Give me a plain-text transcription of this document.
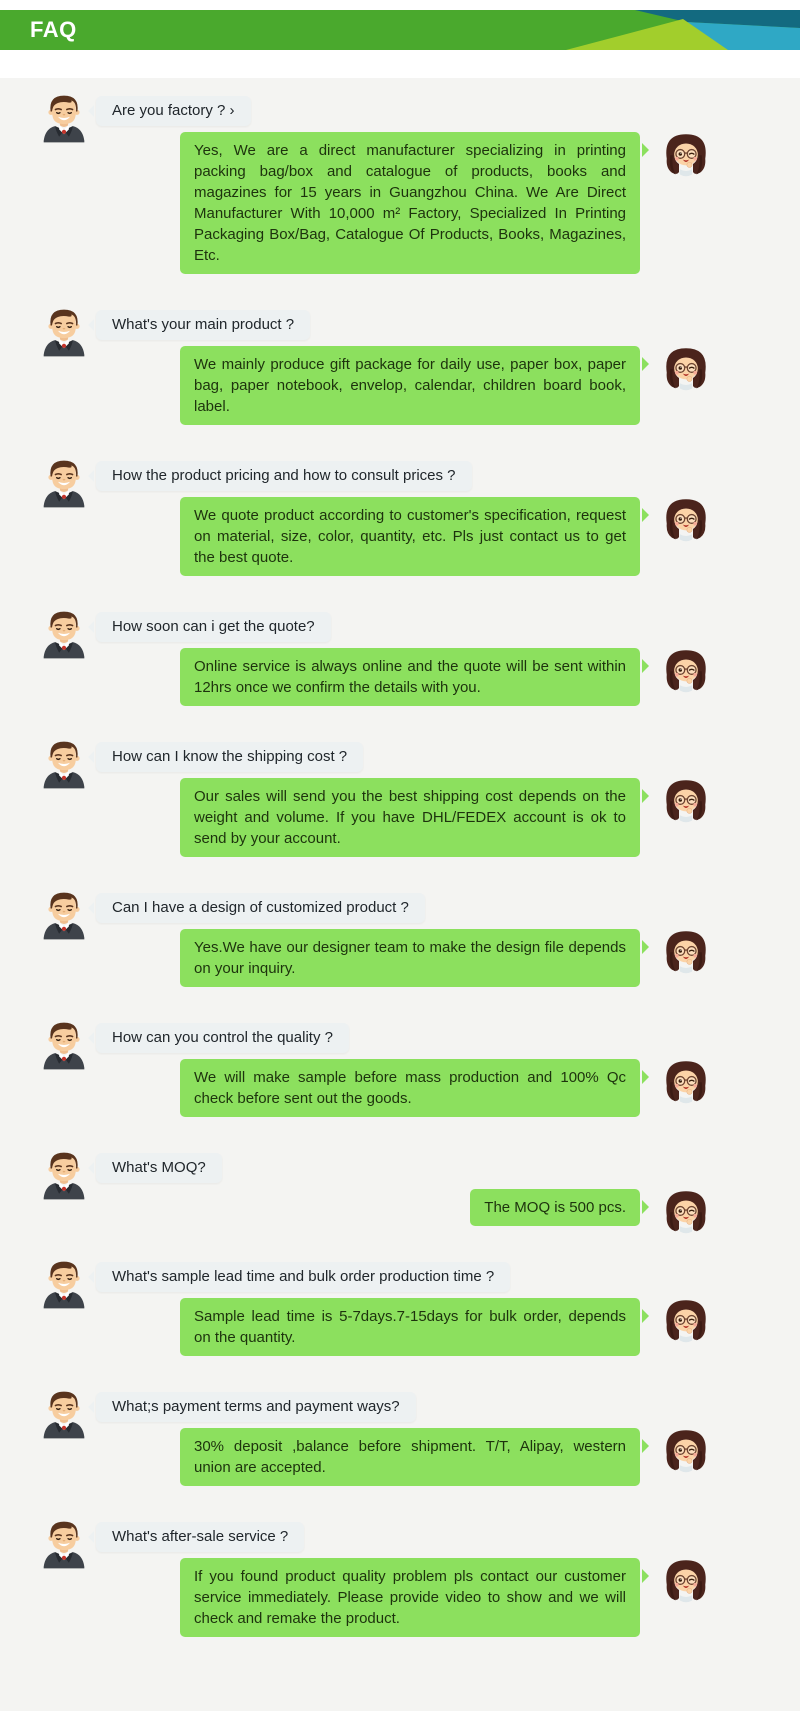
FAQ
Are you factory ? ›
Yes, We are a direct manufacturer specializing in printing packing bag/box and catalogue of products, books and magazines for 15 years in Guangzhou China. We Are Direct Manufacturer With 10,000 m² Factory, Specialized In Printing Packaging Box/Bag, Catalogue Of Products, Books, Magazines, Etc.
What's your main product ?
We mainly produce gift package for daily use, paper box, paper bag, paper notebook, envelop, calendar, children board book, label.
How the product pricing and how to consult prices ?
We quote product according to customer's specification, request on material, size, color, quantity, etc. Pls just contact us to get the best quote.
How soon can i get the quote?
Online service is always online and the quote will be sent within 12hrs once we confirm the details with you.
How can I know the shipping cost ?
Our sales will send you the best shipping cost depends on the weight and volume. If you have DHL/FEDEX account is ok to send by your account.
Can I have a design of customized product ?
Yes.We have our designer team to make the design file depends on your inquiry.
How can you control the quality ?
We will make sample before mass production and 100% Qc check before sent out the goods.
What's MOQ?
The MOQ is 500 pcs.
What's sample lead time and bulk order production time ?
Sample lead time is 5-7days.7-15days for bulk order, depends on the quantity.
What;s payment terms and payment ways?
30% deposit ,balance before shipment. T/T, Alipay, western union are accepted.
What's after-sale service ?
If you found product quality problem pls contact our customer service immediately. Please provide video to show and we will check and remake the product.
